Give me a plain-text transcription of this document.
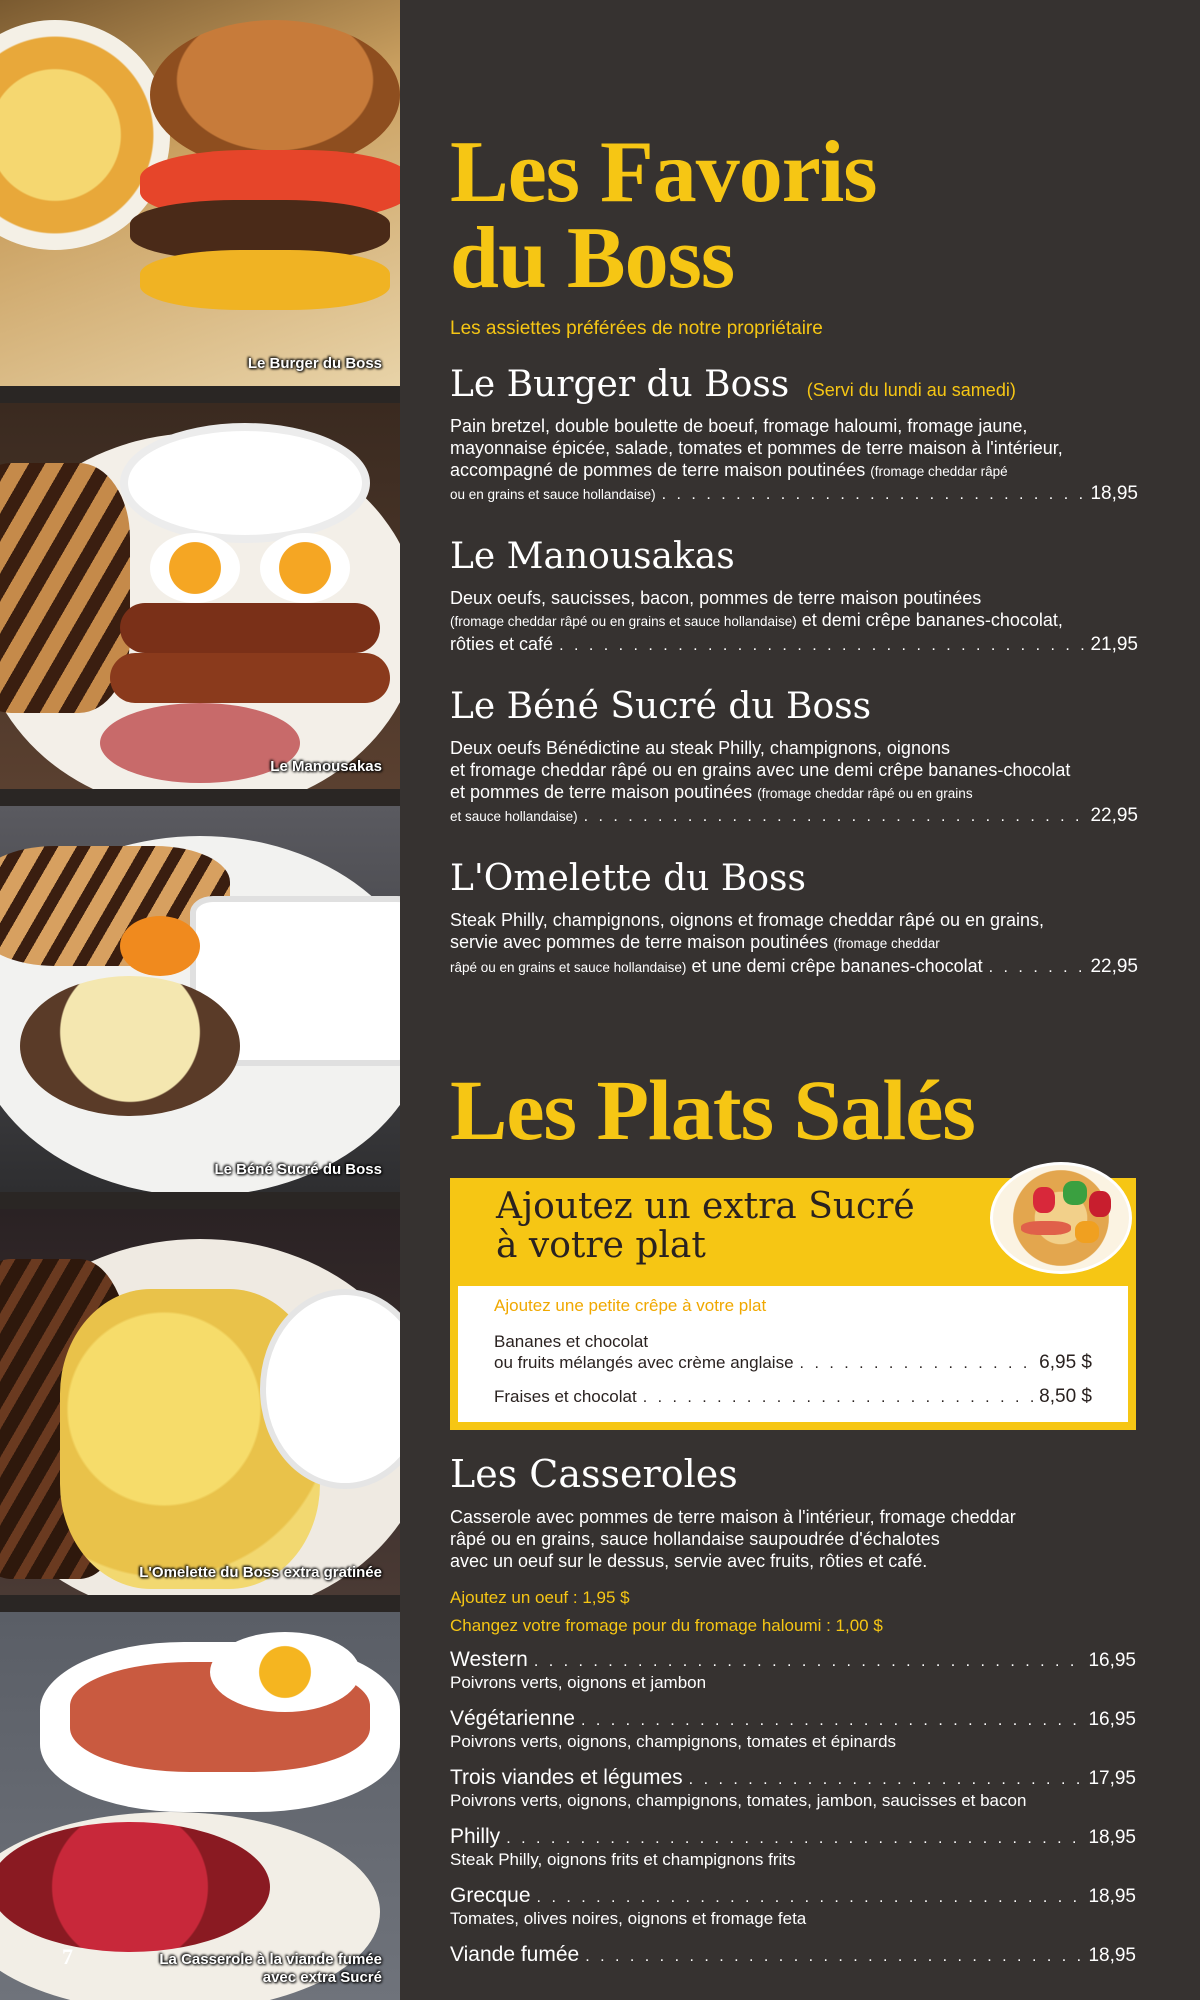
Le Burger du Boss
Le Manousakas
Le Béné Sucré du Boss
L'Omelette du Boss extra gratinée
La Casserole à la viande fumée
avec extra Sucré
7
Les Favoris
du Boss
Les assiettes préférées de notre propriétaire
Le Burger du Boss (Servi du lundi au samedi)
Pain bretzel, double boulette de boeuf, fromage haloumi, fromage jaune,
mayonnaise épicée, salade, tomates et pommes de terre maison à l'intérieur,
accompagné de pommes de terre maison poutinées (fromage cheddar râpé
ou en grains et sauce hollandaise) . . .	18,95
Le Manousakas
Deux oeufs, saucisses, bacon, pommes de terre maison poutinées
(fromage cheddar râpé ou en grains et sauce hollandaise) et demi crêpe bananes-chocolat,
rôties et café . . .	21,95
Le Béné Sucré du Boss
Deux oeufs Bénédictine au steak Philly, champignons, oignons
et fromage cheddar râpé ou en grains avec une demi crêpe bananes-chocolat
et pommes de terre maison poutinées (fromage cheddar râpé ou en grains
et sauce hollandaise) . . .	22,95
L'Omelette du Boss
Steak Philly, champignons, oignons et fromage cheddar râpé ou en grains,
servie avec pommes de terre maison poutinées (fromage cheddar
râpé ou en grains et sauce hollandaise)
et une demi crêpe bananes-chocolat . . .	22,95
Les Plats Salés
Ajoutez un extra Sucré
à votre plat
Ajoutez une petite crêpe à votre plat
Bananes et chocolat
ou fruits mélangés avec crème anglaise . . .	6,95 $
Fraises et chocolat . . .	8,50 $
Les Casseroles
Casserole avec pommes de terre maison à l'intérieur, fromage cheddar
râpé ou en grains, sauce hollandaise saupoudrée d'échalotes
avec un oeuf sur le dessus, servie avec fruits, rôties et café.
Ajoutez un oeuf : 1,95 $
Changez votre fromage pour du fromage haloumi : 1,00 $
Western . . .	16,95
Poivrons verts, oignons et jambon
Végétarienne . . .	16,95
Poivrons verts, oignons, champignons, tomates et épinards
Trois viandes et légumes . . .	17,95
Poivrons verts, oignons, champignons, tomates, jambon, saucisses et bacon
Philly . . .	18,95
Steak Philly, oignons frits et champignons frits
Grecque . . .	18,95
Tomates, olives noires, oignons et fromage feta
Viande fumée . . .	18,95
